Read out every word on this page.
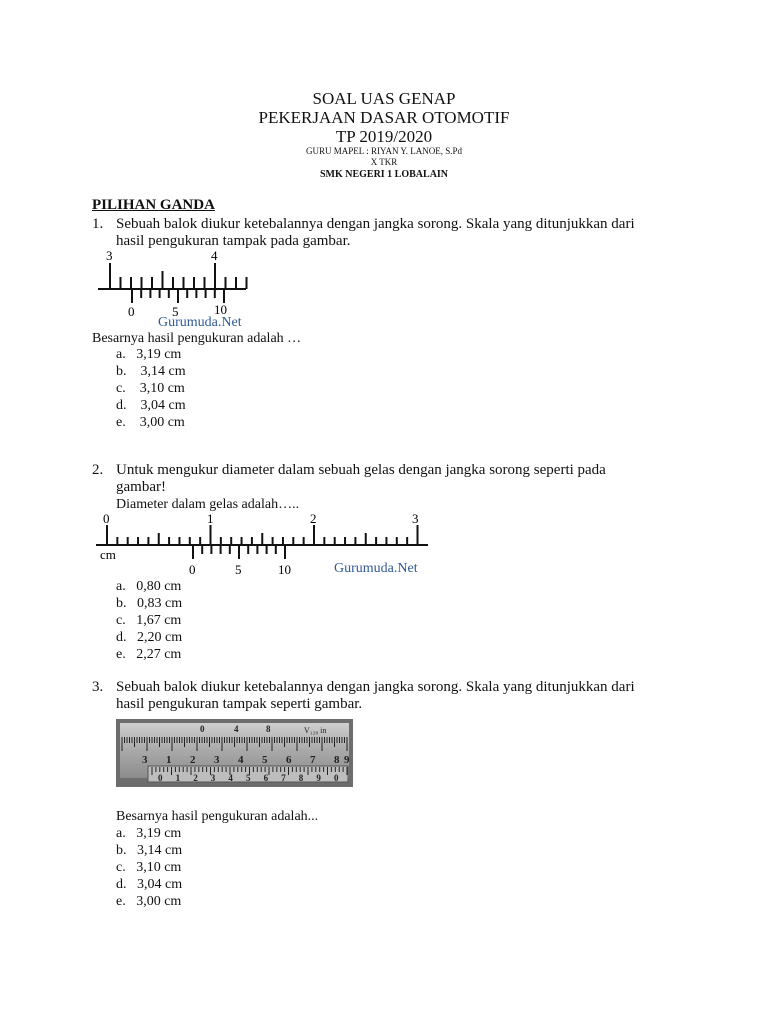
SOAL UAS GENAP
PEKERJAAN DASAR OTOMOTIF
TP 2019/2020
GURU MAPEL : RIYAN Y. LANOE, S.Pd
X TKR
SMK NEGERI 1 LOBALAIN
PILIHAN GANDA
1. Sebuah balok diukur ketebalannya dengan jangka sorong. Skala yang ditunjukkan dari
hasil pengukuran tampak pada gambar.
3	4
0	5	10
Gurumuda.Net
Besarnya hasil pengukuran adalah …
a.   3,19 cm
b.    3,14 cm
c.    3,10 cm
d.    3,04 cm
e.    3,00 cm
2. Untuk mengukur diameter dalam sebuah gelas dengan jangka sorong seperti pada
gambar!
Diameter dalam gelas adalah…..
0	1	2	3
cm
0	5	10	Gurumuda.Net
a.   0,80 cm
b.   0,83 cm
c.   1,67 cm
d.   2,20 cm
e.   2,27 cm
3. Sebuah balok diukur ketebalannya dengan jangka sorong. Skala yang ditunjukkan dari
hasil pengukuran tampak seperti gambar.
3 1 2 3 4 5 6 7 8 9
0	4	8
0 1 2 3 4 5 6 7 8 9 0
V₁₂₈ in
Besarnya hasil pengukuran adalah...
a.   3,19 cm
b.   3,14 cm
c.   3,10 cm
d.   3,04 cm
e.   3,00 cm
